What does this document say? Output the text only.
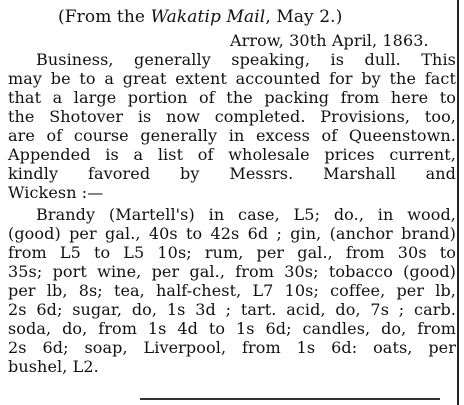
(From the Wakatip Mail, May 2.)
Arrow, 30th April, 1863.
Business, generally speaking, is dull. This
may be to a great extent accounted for by the fact
that a large portion of the packing from here to
the Shotover is now completed. Provisions, too,
are of course generally in excess of Queenstown.
Appended is a list of wholesale prices current,
kindly favored by Messrs. Marshall and
Wickesn :—
Brandy (Martell's) in case, L5; do., in wood,
(good) per gal., 40s to 42s 6d ; gin, (anchor brand)
from L5 to L5 10s; rum, per gal., from 30s to
35s; port wine, per gal., from 30s; tobacco (good)
per lb, 8s; tea, half-chest, L7 10s; coffee, per lb,
2s 6d; sugar, do, 1s 3d ; tart. acid, do, 7s ; carb.
soda, do, from 1s 4d to 1s 6d; candles, do, from
2s 6d; soap, Liverpool, from 1s 6d: oats, per
bushel, L2.
